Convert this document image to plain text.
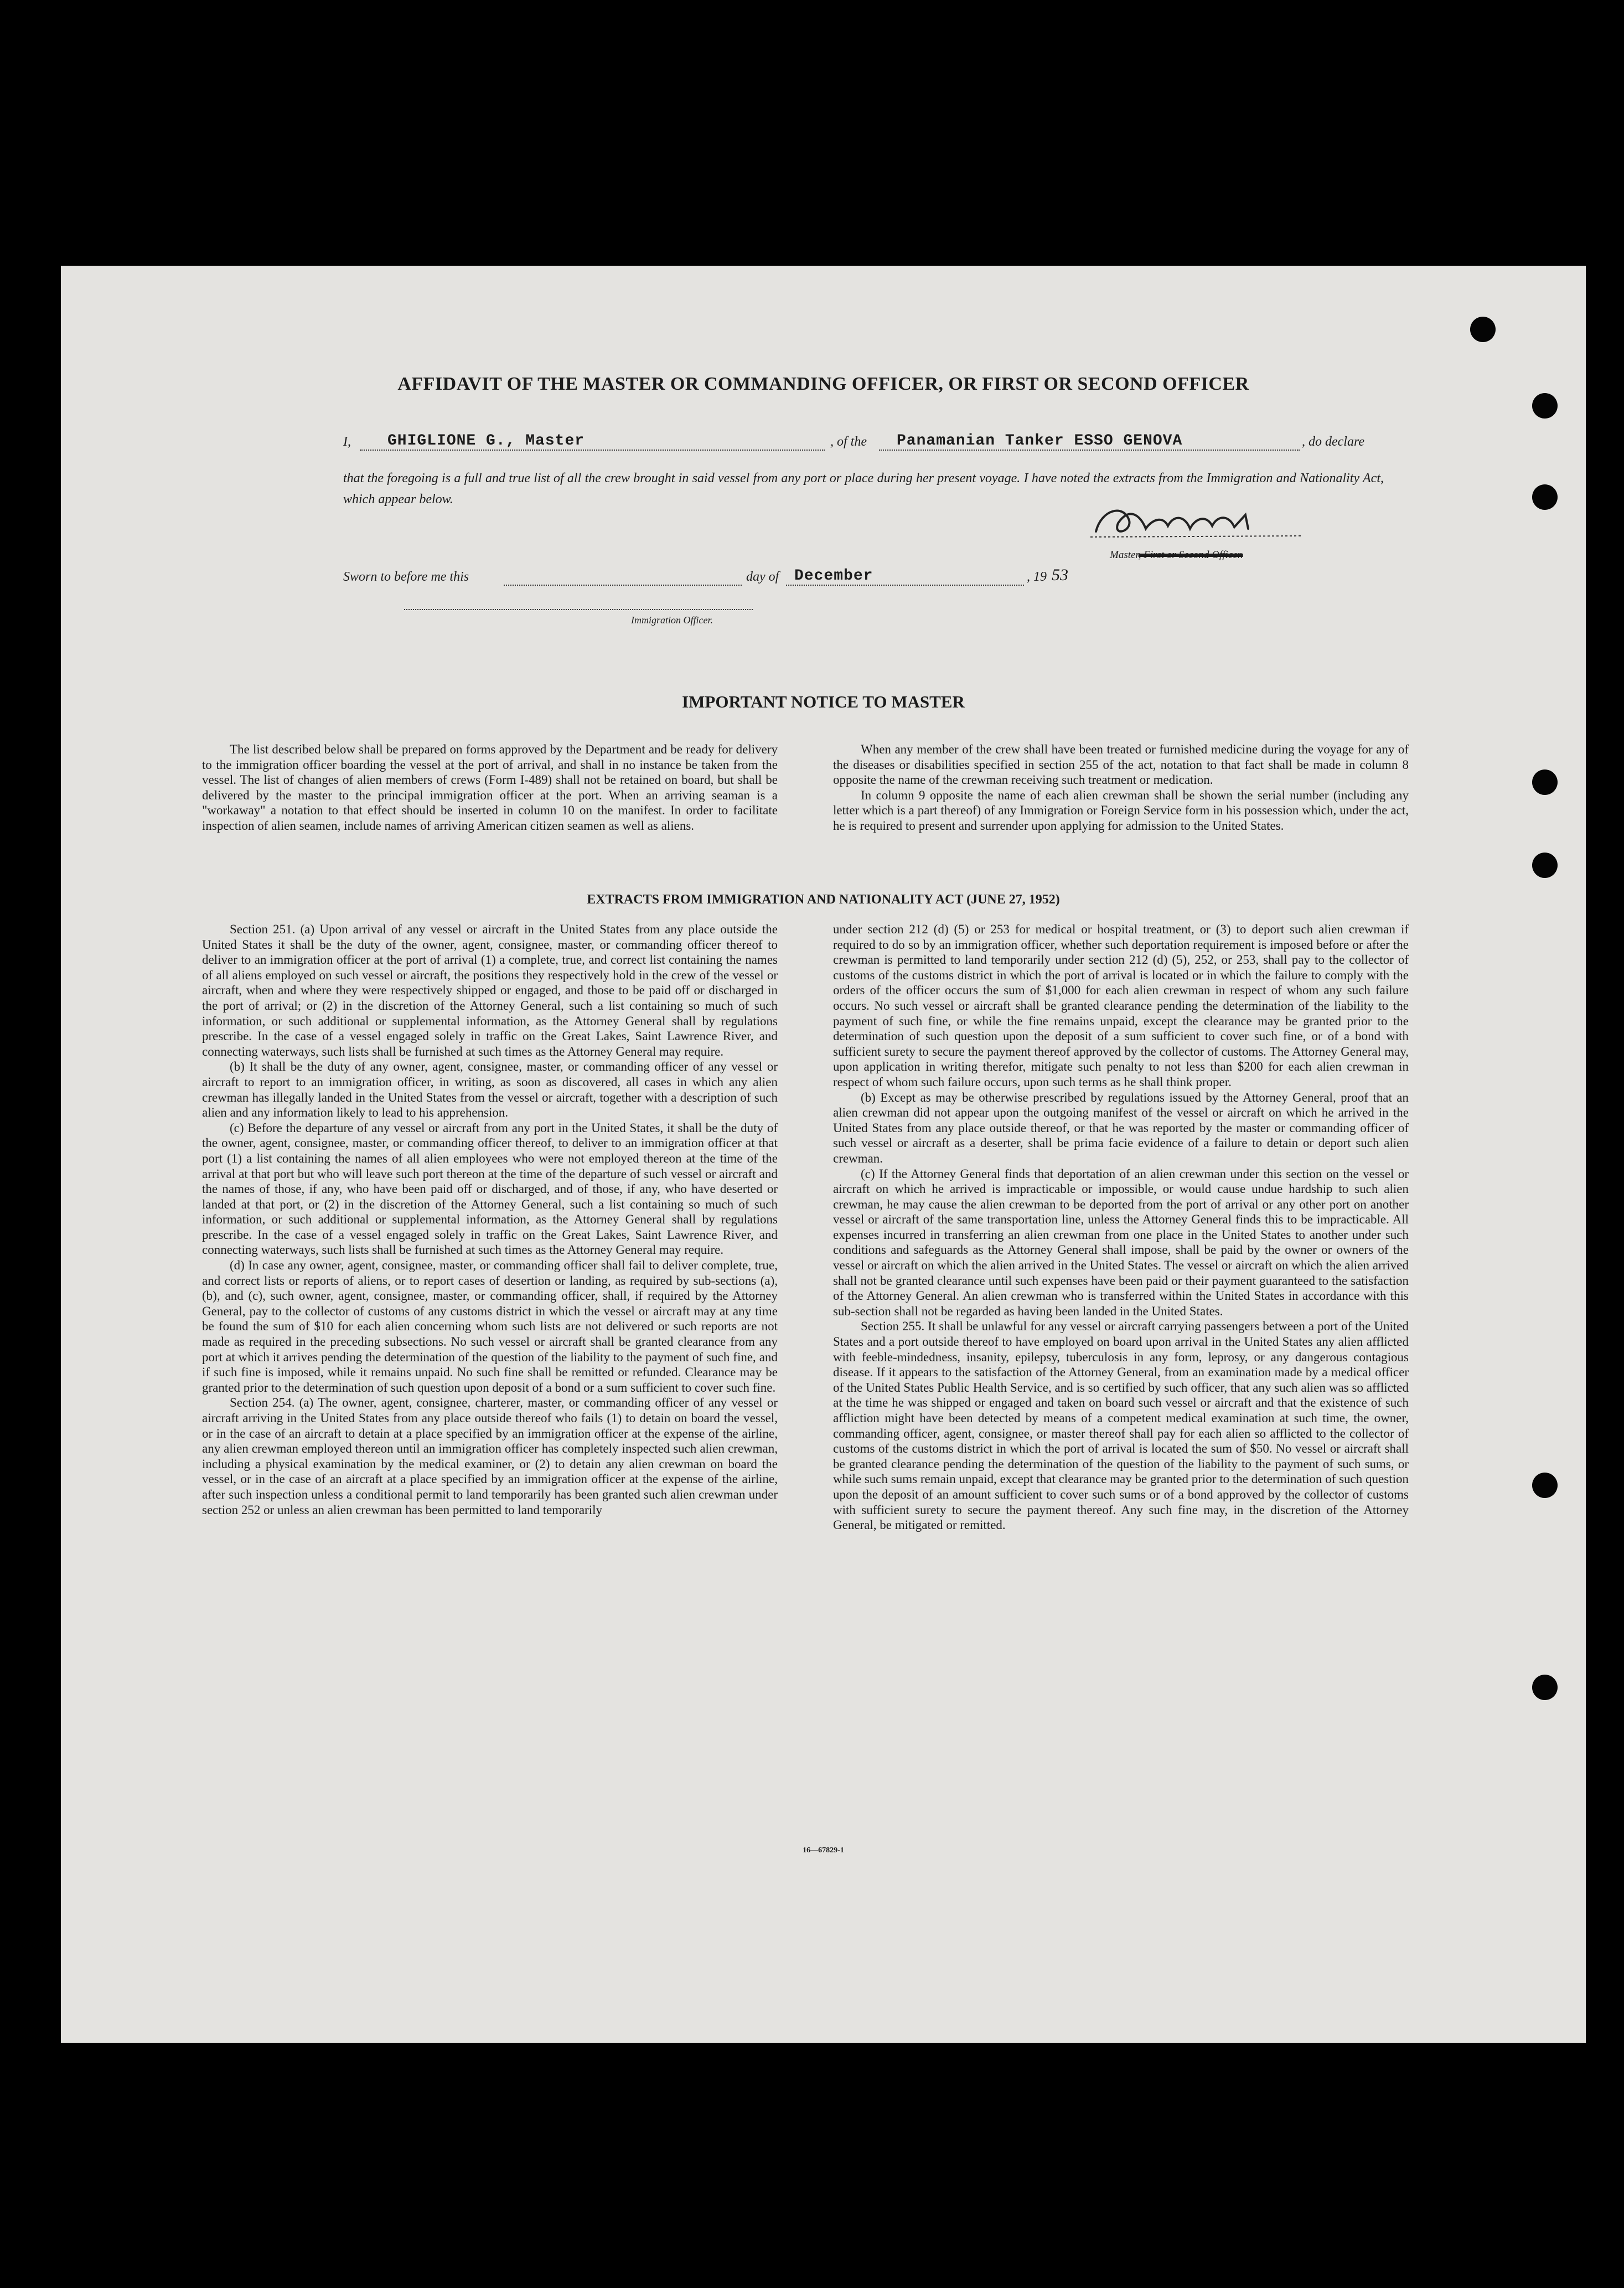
AFFIDAVIT OF THE MASTER OR COMMANDING OFFICER, OR FIRST OR SECOND OFFICER
I, GHIGLIONE G., Master	, of the Panamanian Tanker ESSO GENOVA	, do declare
that the foregoing is a full and true list of all the crew brought in said vessel from any port or place during her present voyage. I have noted the extracts from the Immigration and Nationality Act, which appear below.
Master, First or Second Officer.
Sworn to before me this	day of December	, 19 53
Immigration Officer.
IMPORTANT NOTICE TO MASTER

The list described below shall be prepared on forms approved by the Department and be ready for delivery to the immigration officer boarding the vessel at the port of arrival, and shall in no instance be taken from the vessel. The list of changes of alien members of crews (Form I-489) shall not be retained on board, but shall be delivered by the master to the principal immigration officer at the port. When an arriving seaman is a "workaway" a notation to that effect should be inserted in column 10 on the manifest. In order to facilitate inspection of alien seamen, include names of arriving American citizen seamen as well as aliens.

When any member of the crew shall have been treated or furnished medicine during the voyage for any of the diseases or disabilities specified in section 255 of the act, notation to that fact shall be made in column 8 opposite the name of the crewman receiving such treatment or medication.

In column 9 opposite the name of each alien crewman shall be shown the serial number (including any letter which is a part thereof) of any Immigration or Foreign Service form in his possession which, under the act, he is required to present and surrender upon applying for admission to the United States.

EXTRACTS FROM IMMIGRATION AND NATIONALITY ACT (JUNE 27, 1952)

Section 251. (a) Upon arrival of any vessel or aircraft in the United States from any place outside the United States it shall be the duty of the owner, agent, consignee, master, or commanding officer thereof to deliver to an immigration officer at the port of arrival (1) a complete, true, and correct list containing the names of all aliens employed on such vessel or aircraft, the positions they respectively hold in the crew of the vessel or aircraft, when and where they were respectively shipped or engaged, and those to be paid off or discharged in the port of arrival; or (2) in the discretion of the Attorney General, such a list containing so much of such information, or such additional or supplemental information, as the Attorney General shall by regulations prescribe. In the case of a vessel engaged solely in traffic on the Great Lakes, Saint Lawrence River, and connecting waterways, such lists shall be furnished at such times as the Attorney General may require.

(b) It shall be the duty of any owner, agent, consignee, master, or commanding officer of any vessel or aircraft to report to an immigration officer, in writing, as soon as discovered, all cases in which any alien crewman has illegally landed in the United States from the vessel or aircraft, together with a description of such alien and any information likely to lead to his apprehension.

(c) Before the departure of any vessel or aircraft from any port in the United States, it shall be the duty of the owner, agent, consignee, master, or commanding officer thereof, to deliver to an immigration officer at that port (1) a list containing the names of all alien employees who were not employed thereon at the time of the arrival at that port but who will leave such port thereon at the time of the departure of such vessel or aircraft and the names of those, if any, who have been paid off or discharged, and of those, if any, who have deserted or landed at that port, or (2) in the discretion of the Attorney General, such a list containing so much of such information, or such additional or supplemental information, as the Attorney General shall by regulations prescribe. In the case of a vessel engaged solely in traffic on the Great Lakes, Saint Lawrence River, and connecting waterways, such lists shall be furnished at such times as the Attorney General may require.

(d) In case any owner, agent, consignee, master, or commanding officer shall fail to deliver complete, true, and correct lists or reports of aliens, or to report cases of desertion or landing, as required by sub-sections (a), (b), and (c), such owner, agent, consignee, master, or commanding officer, shall, if required by the Attorney General, pay to the collector of customs of any customs district in which the vessel or aircraft may at any time be found the sum of $10 for each alien concerning whom such lists are not delivered or such reports are not made as required in the preceding subsections. No such vessel or aircraft shall be granted clearance from any port at which it arrives pending the determination of the question of the liability to the payment of such fine, and if such fine is imposed, while it remains unpaid. No such fine shall be remitted or refunded. Clearance may be granted prior to the determination of such question upon deposit of a bond or a sum sufficient to cover such fine.

Section 254. (a) The owner, agent, consignee, charterer, master, or commanding officer of any vessel or aircraft arriving in the United States from any place outside thereof who fails (1) to detain on board the vessel, or in the case of an aircraft to detain at a place specified by an immigration officer at the expense of the airline, any alien crewman employed thereon until an immigration officer has completely inspected such alien crewman, including a physical examination by the medical examiner, or (2) to detain any alien crewman on board the vessel, or in the case of an aircraft at a place specified by an immigration officer at the expense of the airline, after such inspection unless a conditional permit to land temporarily has been granted such alien crewman under section 252 or unless an alien crewman has been permitted to land temporarily

under section 212 (d) (5) or 253 for medical or hospital treatment, or (3) to deport such alien crewman if required to do so by an immigration officer, whether such deportation requirement is imposed before or after the crewman is permitted to land temporarily under section 212 (d) (5), 252, or 253, shall pay to the collector of customs of the customs district in which the port of arrival is located or in which the failure to comply with the orders of the officer occurs the sum of $1,000 for each alien crewman in respect of whom any such failure occurs. No such vessel or aircraft shall be granted clearance pending the determination of the liability to the payment of such fine, or while the fine remains unpaid, except the clearance may be granted prior to the determination of such question upon the deposit of a sum sufficient to cover such fine, or of a bond with sufficient surety to secure the payment thereof approved by the collector of customs. The Attorney General may, upon application in writing therefor, mitigate such penalty to not less than $200 for each alien crewman in respect of whom such failure occurs, upon such terms as he shall think proper.

(b) Except as may be otherwise prescribed by regulations issued by the Attorney General, proof that an alien crewman did not appear upon the outgoing manifest of the vessel or aircraft on which he arrived in the United States from any place outside thereof, or that he was reported by the master or commanding officer of such vessel or aircraft as a deserter, shall be prima facie evidence of a failure to detain or deport such alien crewman.

(c) If the Attorney General finds that deportation of an alien crewman under this section on the vessel or aircraft on which he arrived is impracticable or impossible, or would cause undue hardship to such alien crewman, he may cause the alien crewman to be deported from the port of arrival or any other port on another vessel or aircraft of the same transportation line, unless the Attorney General finds this to be impracticable. All expenses incurred in transferring an alien crewman from one place in the United States to another under such conditions and safeguards as the Attorney General shall impose, shall be paid by the owner or owners of the vessel or aircraft on which the alien arrived in the United States. The vessel or aircraft on which the alien arrived shall not be granted clearance until such expenses have been paid or their payment guaranteed to the satisfaction of the Attorney General. An alien crewman who is transferred within the United States in accordance with this sub-section shall not be regarded as having been landed in the United States.

Section 255. It shall be unlawful for any vessel or aircraft carrying passengers between a port of the United States and a port outside thereof to have employed on board upon arrival in the United States any alien afflicted with feeble-mindedness, insanity, epilepsy, tuberculosis in any form, leprosy, or any dangerous contagious disease. If it appears to the satisfaction of the Attorney General, from an examination made by a medical officer of the United States Public Health Service, and is so certified by such officer, that any such alien was so afflicted at the time he was shipped or engaged and taken on board such vessel or aircraft and that the existence of such affliction might have been detected by means of a competent medical examination at such time, the owner, commanding officer, agent, consignee, or master thereof shall pay for each alien so afflicted to the collector of customs of the customs district in which the port of arrival is located the sum of $50. No vessel or aircraft shall be granted clearance pending the determination of the question of the liability to the payment of such sums, or while such sums remain unpaid, except that clearance may be granted prior to the determination of such question upon the deposit of an amount sufficient to cover such sums or of a bond approved by the collector of customs with sufficient surety to secure the payment thereof. Any such fine may, in the discretion of the Attorney General, be mitigated or remitted.

16—67829-1
